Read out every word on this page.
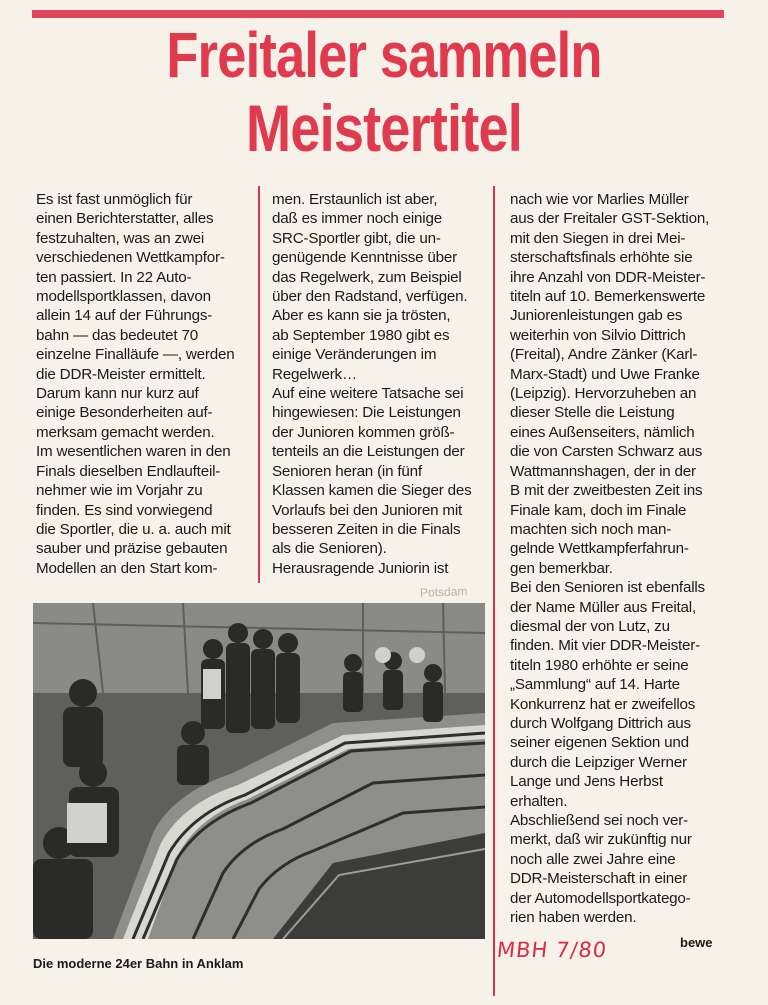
Freitaler sammeln
Meistertitel
Es ist fast unmöglich für
einen Berichterstatter, alles
festzuhalten, was an zwei
verschiedenen Wettkampfor-
ten passiert. In 22 Auto-
modellsportklassen, davon
allein 14 auf der Führungs-
bahn — das bedeutet 70
einzelne Finalläufe —, werden
die DDR-Meister ermittelt.
Darum kann nur kurz auf
einige Besonderheiten auf-
merksam gemacht werden.
Im wesentlichen waren in den
Finals dieselben Endlaufteil-
nehmer wie im Vorjahr zu
finden. Es sind vorwiegend
die Sportler, die u. a. auch mit
sauber und präzise gebauten
Modellen an den Start kom-
men. Erstaunlich ist aber,
daß es immer noch einige
SRC-Sportler gibt, die un-
genügende Kenntnisse über
das Regelwerk, zum Beispiel
über den Radstand, verfügen.
Aber es kann sie ja trösten,
ab September 1980 gibt es
einige Veränderungen im
Regelwerk…
Auf eine weitere Tatsache sei
hingewiesen: Die Leistungen
der Junioren kommen größ-
tenteils an die Leistungen der
Senioren heran (in fünf
Klassen kamen die Sieger des
Vorlaufs bei den Junioren mit
besseren Zeiten in die Finals
als die Senioren).
Herausragende Juniorin ist
nach wie vor Marlies Müller
aus der Freitaler GST-Sektion,
mit den Siegen in drei Mei-
sterschaftsfinals erhöhte sie
ihre Anzahl von DDR-Meister-
titeln auf 10. Bemerkenswerte
Juniorenleistungen gab es
weiterhin von Silvio Dittrich
(Freital), Andre Zänker (Karl-
Marx-Stadt) und Uwe Franke
(Leipzig). Hervorzuheben an
dieser Stelle die Leistung
eines Außenseiters, nämlich
die von Carsten Schwarz aus
Wattmannshagen, der in der
B mit der zweitbesten Zeit ins
Finale kam, doch im Finale
machten sich noch man-
gelnde Wettkampferfahrun-
gen bemerkbar.
Bei den Senioren ist ebenfalls
der Name Müller aus Freital,
diesmal der von Lutz, zu
finden. Mit vier DDR-Meister-
titeln 1980 erhöhte er seine
„Sammlung“ auf 14. Harte
Konkurrenz hat er zweifellos
durch Wolfgang Dittrich aus
seiner eigenen Sektion und
durch die Leipziger Werner
Lange und Jens Herbst
erhalten.
Abschließend sei noch ver-
merkt, daß wir zukünftig nur
noch alle zwei Jahre eine
DDR-Meisterschaft in einer
der Automodellsportkatego-
rien haben werden.
Potsdam
Die moderne 24er Bahn in Anklam
MBH 7/80	bewe
